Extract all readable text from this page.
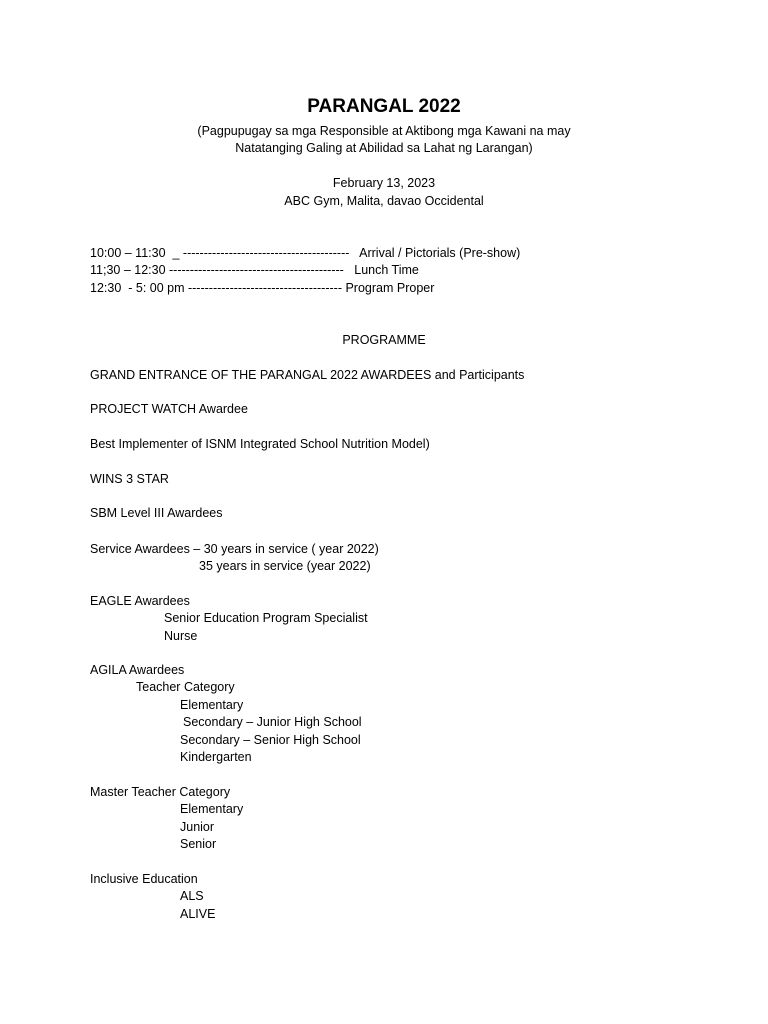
PARANGAL 2022
(Pagpupugay sa mga Responsible at Aktibong mga Kawani na may
Natatanging Galing at Abilidad sa Lahat ng Larangan)
February 13, 2023
ABC Gym, Malita, davao Occidental
10:00 – 11:30  _ ----------------------------------------   Arrival / Pictorials (Pre-show)
11;30 – 12:30 ------------------------------------------   Lunch Time
12:30  - 5: 00 pm ------------------------------------- Program Proper
PROGRAMME
GRAND ENTRANCE OF THE PARANGAL 2022 AWARDEES and Participants
PROJECT WATCH Awardee
Best Implementer of ISNM Integrated School Nutrition Model)
WINS 3 STAR
SBM Level III Awardees
Service Awardees – 30 years in service ( year 2022)
35 years in service (year 2022)
EAGLE Awardees
Senior Education Program Specialist
Nurse
AGILA Awardees
Teacher Category
Elementary
Secondary – Junior High School
Secondary – Senior High School
Kindergarten
Master Teacher Category
Elementary
Junior
Senior
Inclusive Education
ALS
ALIVE
